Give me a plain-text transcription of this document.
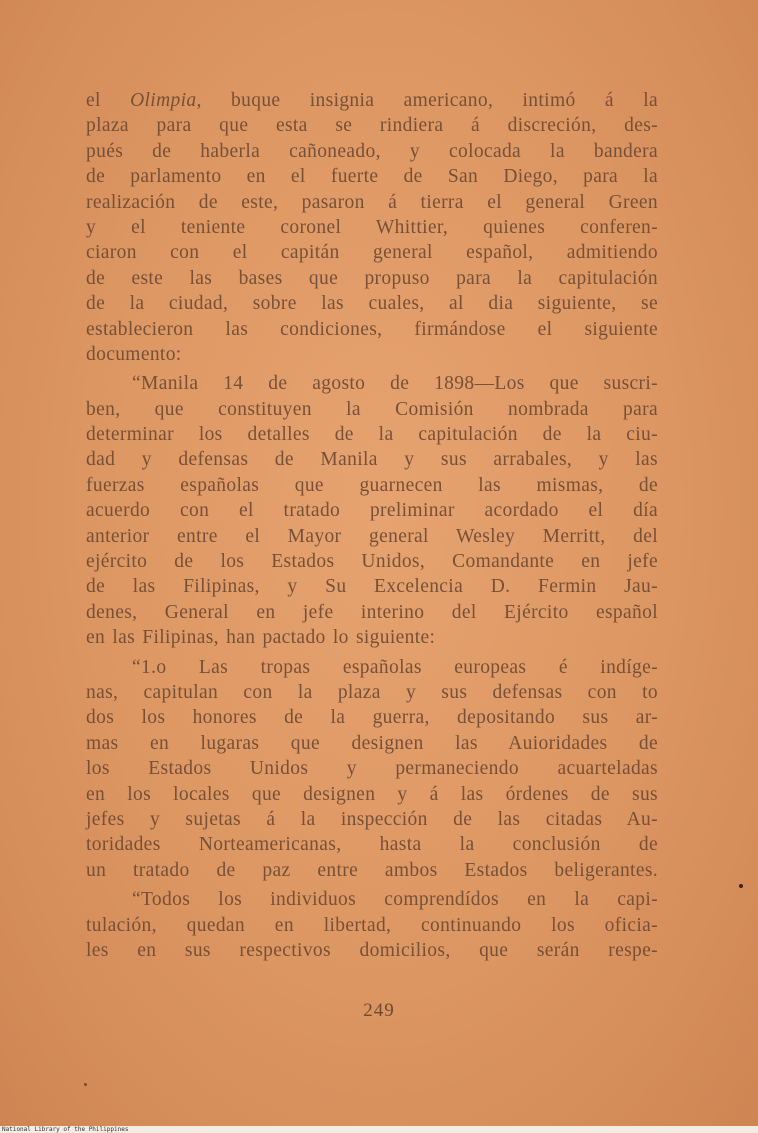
el Olimpia, buque insignia americano, intimó á la
plaza para que esta se rindiera á discreción, des-
pués de haberla cañoneado, y colocada la bandera
de parlamento en el fuerte de San Diego, para la
realización de este, pasaron á tierra el general Green
y el teniente coronel Whittier, quienes conferen-
ciaron con el capitán general español, admitiendo
de este las bases que propuso para la capitulación
de la ciudad, sobre las cuales, al dia siguiente, se
establecieron las condiciones, firmándose el siguiente
documento:
“Manila 14 de agosto de 1898—Los que suscri-
ben, que constituyen la Comisión nombrada para
determinar los detalles de la capitulación de la ciu-
dad y defensas de Manila y sus arrabales, y las
fuerzas españolas que guarnecen las mismas, de
acuerdo con el tratado preliminar acordado el día
anterior entre el Mayor general Wesley Merritt, del
ejército de los Estados Unidos, Comandante en jefe
de las Filipinas, y Su Excelencia D. Fermin Jau-
denes, General en jefe interino del Ejército español
en las Filipinas, han pactado lo siguiente:
“1.o Las tropas españolas europeas é indíge-
nas, capitulan con la plaza y sus defensas con to
dos los honores de la guerra, depositando sus ar-
mas en lugaras que designen las Auioridades de
los Estados Unidos y permaneciendo acuarteladas
en los locales que designen y á las órdenes de sus
jefes y sujetas á la inspección de las citadas Au-
toridades Norteamericanas, hasta la conclusión de
un tratado de paz entre ambos Estados beligerantes.
“Todos los individuos comprendídos en la capi-
tulación, quedan en libertad, continuando los oficia-
les en sus respectivos domicilios, que serán respe-
249
National Library of the Philippines
